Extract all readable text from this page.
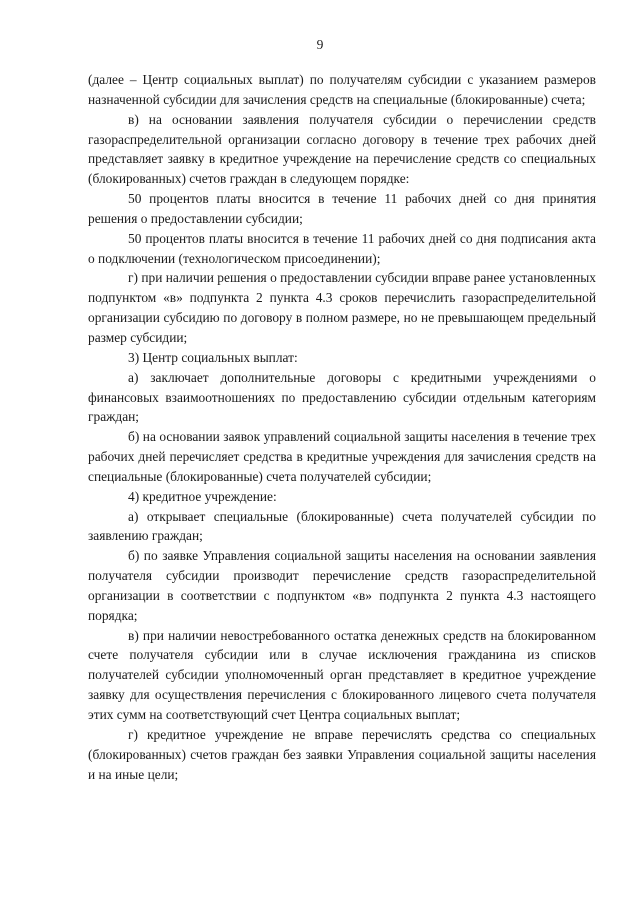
9

(далее – Центр социальных выплат) по получателям субсидии с указанием размеров назначенной субсидии для зачисления средств на специальные (блокированные) счета;

в) на основании заявления получателя субсидии о перечислении средств газораспределительной организации согласно договору в течение трех рабочих дней представляет заявку в кредитное учреждение на перечисление средств со специальных (блокированных) счетов граждан в следующем порядке:

50 процентов платы вносится в течение 11 рабочих дней со дня принятия решения о предоставлении субсидии;

50 процентов платы вносится в течение 11 рабочих дней со дня подписания акта о подключении (технологическом присоединении);

г) при наличии решения о предоставлении субсидии вправе ранее установленных подпунктом «в» подпункта 2 пункта 4.3 сроков перечислить газораспределительной организации субсидию по договору в полном размере, но не превышающем предельный размер субсидии;

3) Центр социальных выплат:

а) заключает дополнительные договоры с кредитными учреждениями о финансовых взаимоотношениях по предоставлению субсидии отдельным категориям граждан;

б) на основании заявок управлений социальной защиты населения в течение трех рабочих дней перечисляет средства в кредитные учреждения для зачисления средств на специальные (блокированные) счета получателей субсидии;

4) кредитное учреждение:

а) открывает специальные (блокированные) счета получателей субсидии по заявлению граждан;

б) по заявке Управления социальной защиты населения на основании заявления получателя субсидии производит перечисление средств газораспределительной организации в соответствии с подпунктом «в» подпункта 2 пункта 4.3 настоящего порядка;

в) при наличии невостребованного остатка денежных средств на блокированном счете получателя субсидии или в случае исключения гражданина из списков получателей субсидии уполномоченный орган представляет в кредитное учреждение заявку для осуществления перечисления с блокированного лицевого счета получателя этих сумм на соответствующий счет Центра социальных выплат;

г) кредитное учреждение не вправе перечислять средства со специальных (блокированных) счетов граждан без заявки Управления социальной защиты населения и на иные цели;
